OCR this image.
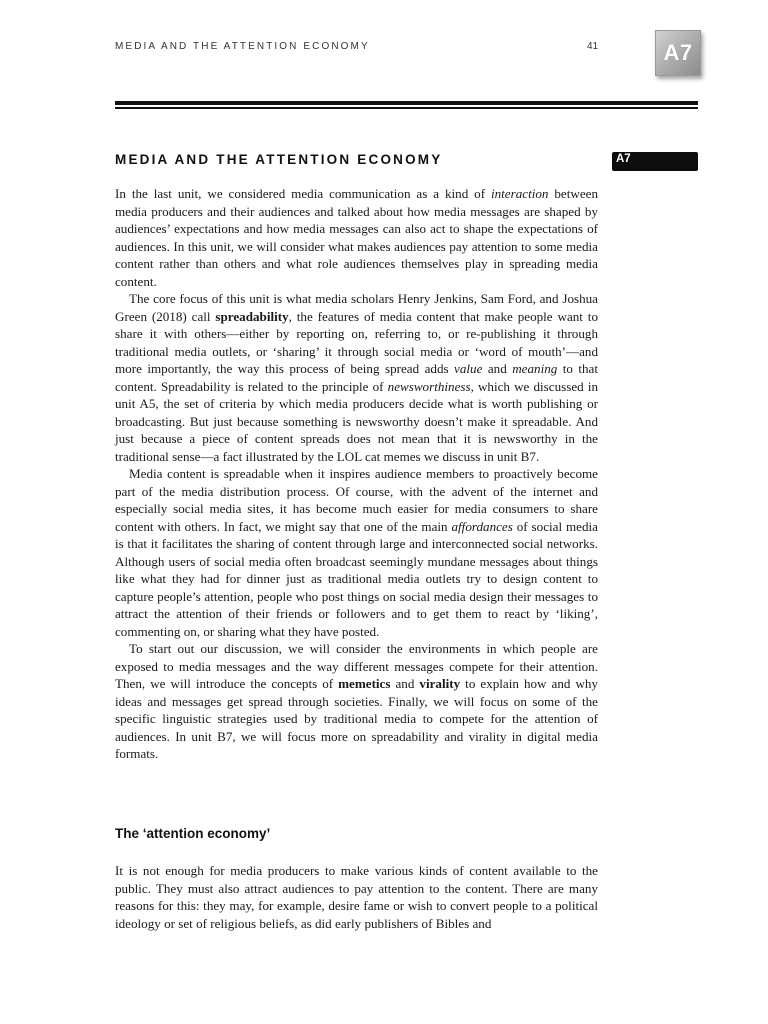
MEDIA AND THE ATTENTION ECONOMY	41	A7
MEDIA AND THE ATTENTION ECONOMY	A7

In the last unit, we considered media communication as a kind of interaction between media producers and their audiences and talked about how media messages are shaped by audiences’ expectations and how media messages can also act to shape the expectations of audiences. In this unit, we will consider what makes audiences pay attention to some media content rather than others and what role audiences themselves play in spreading media content.

The core focus of this unit is what media scholars Henry Jenkins, Sam Ford, and Joshua Green (2018) call spreadability, the features of media content that make people want to share it with others—either by reporting on, referring to, or re-publishing it through traditional media outlets, or ‘sharing’ it through social media or ‘word of mouth’—and more importantly, the way this process of being spread adds value and meaning to that content. Spreadability is related to the principle of newsworthiness, which we discussed in unit A5, the set of criteria by which media producers decide what is worth publishing or broadcasting. But just because something is newsworthy doesn’t make it spreadable. And just because a piece of content spreads does not mean that it is newsworthy in the traditional sense—a fact illustrated by the LOL cat memes we discuss in unit B7.

Media content is spreadable when it inspires audience members to proactively become part of the media distribution process. Of course, with the advent of the internet and especially social media sites, it has become much easier for media consumers to share content with others. In fact, we might say that one of the main affordances of social media is that it facilitates the sharing of content through large and interconnected social networks. Although users of social media often broadcast seemingly mundane messages about things like what they had for dinner just as traditional media outlets try to design content to capture people’s attention, people who post things on social media design their messages to attract the attention of their friends or followers and to get them to react by ‘liking’, commenting on, or sharing what they have posted.

To start out our discussion, we will consider the environments in which people are exposed to media messages and the way different messages compete for their attention. Then, we will introduce the concepts of memetics and virality to explain how and why ideas and messages get spread through societies. Finally, we will focus on some of the specific linguistic strategies used by traditional media to compete for the attention of audiences. In unit B7, we will focus more on spreadability and virality in digital media formats.

The ‘attention economy’

It is not enough for media producers to make various kinds of content available to the public. They must also attract audiences to pay attention to the content. There are many reasons for this: they may, for example, desire fame or wish to convert people to a political ideology or set of religious beliefs, as did early publishers of Bibles and
